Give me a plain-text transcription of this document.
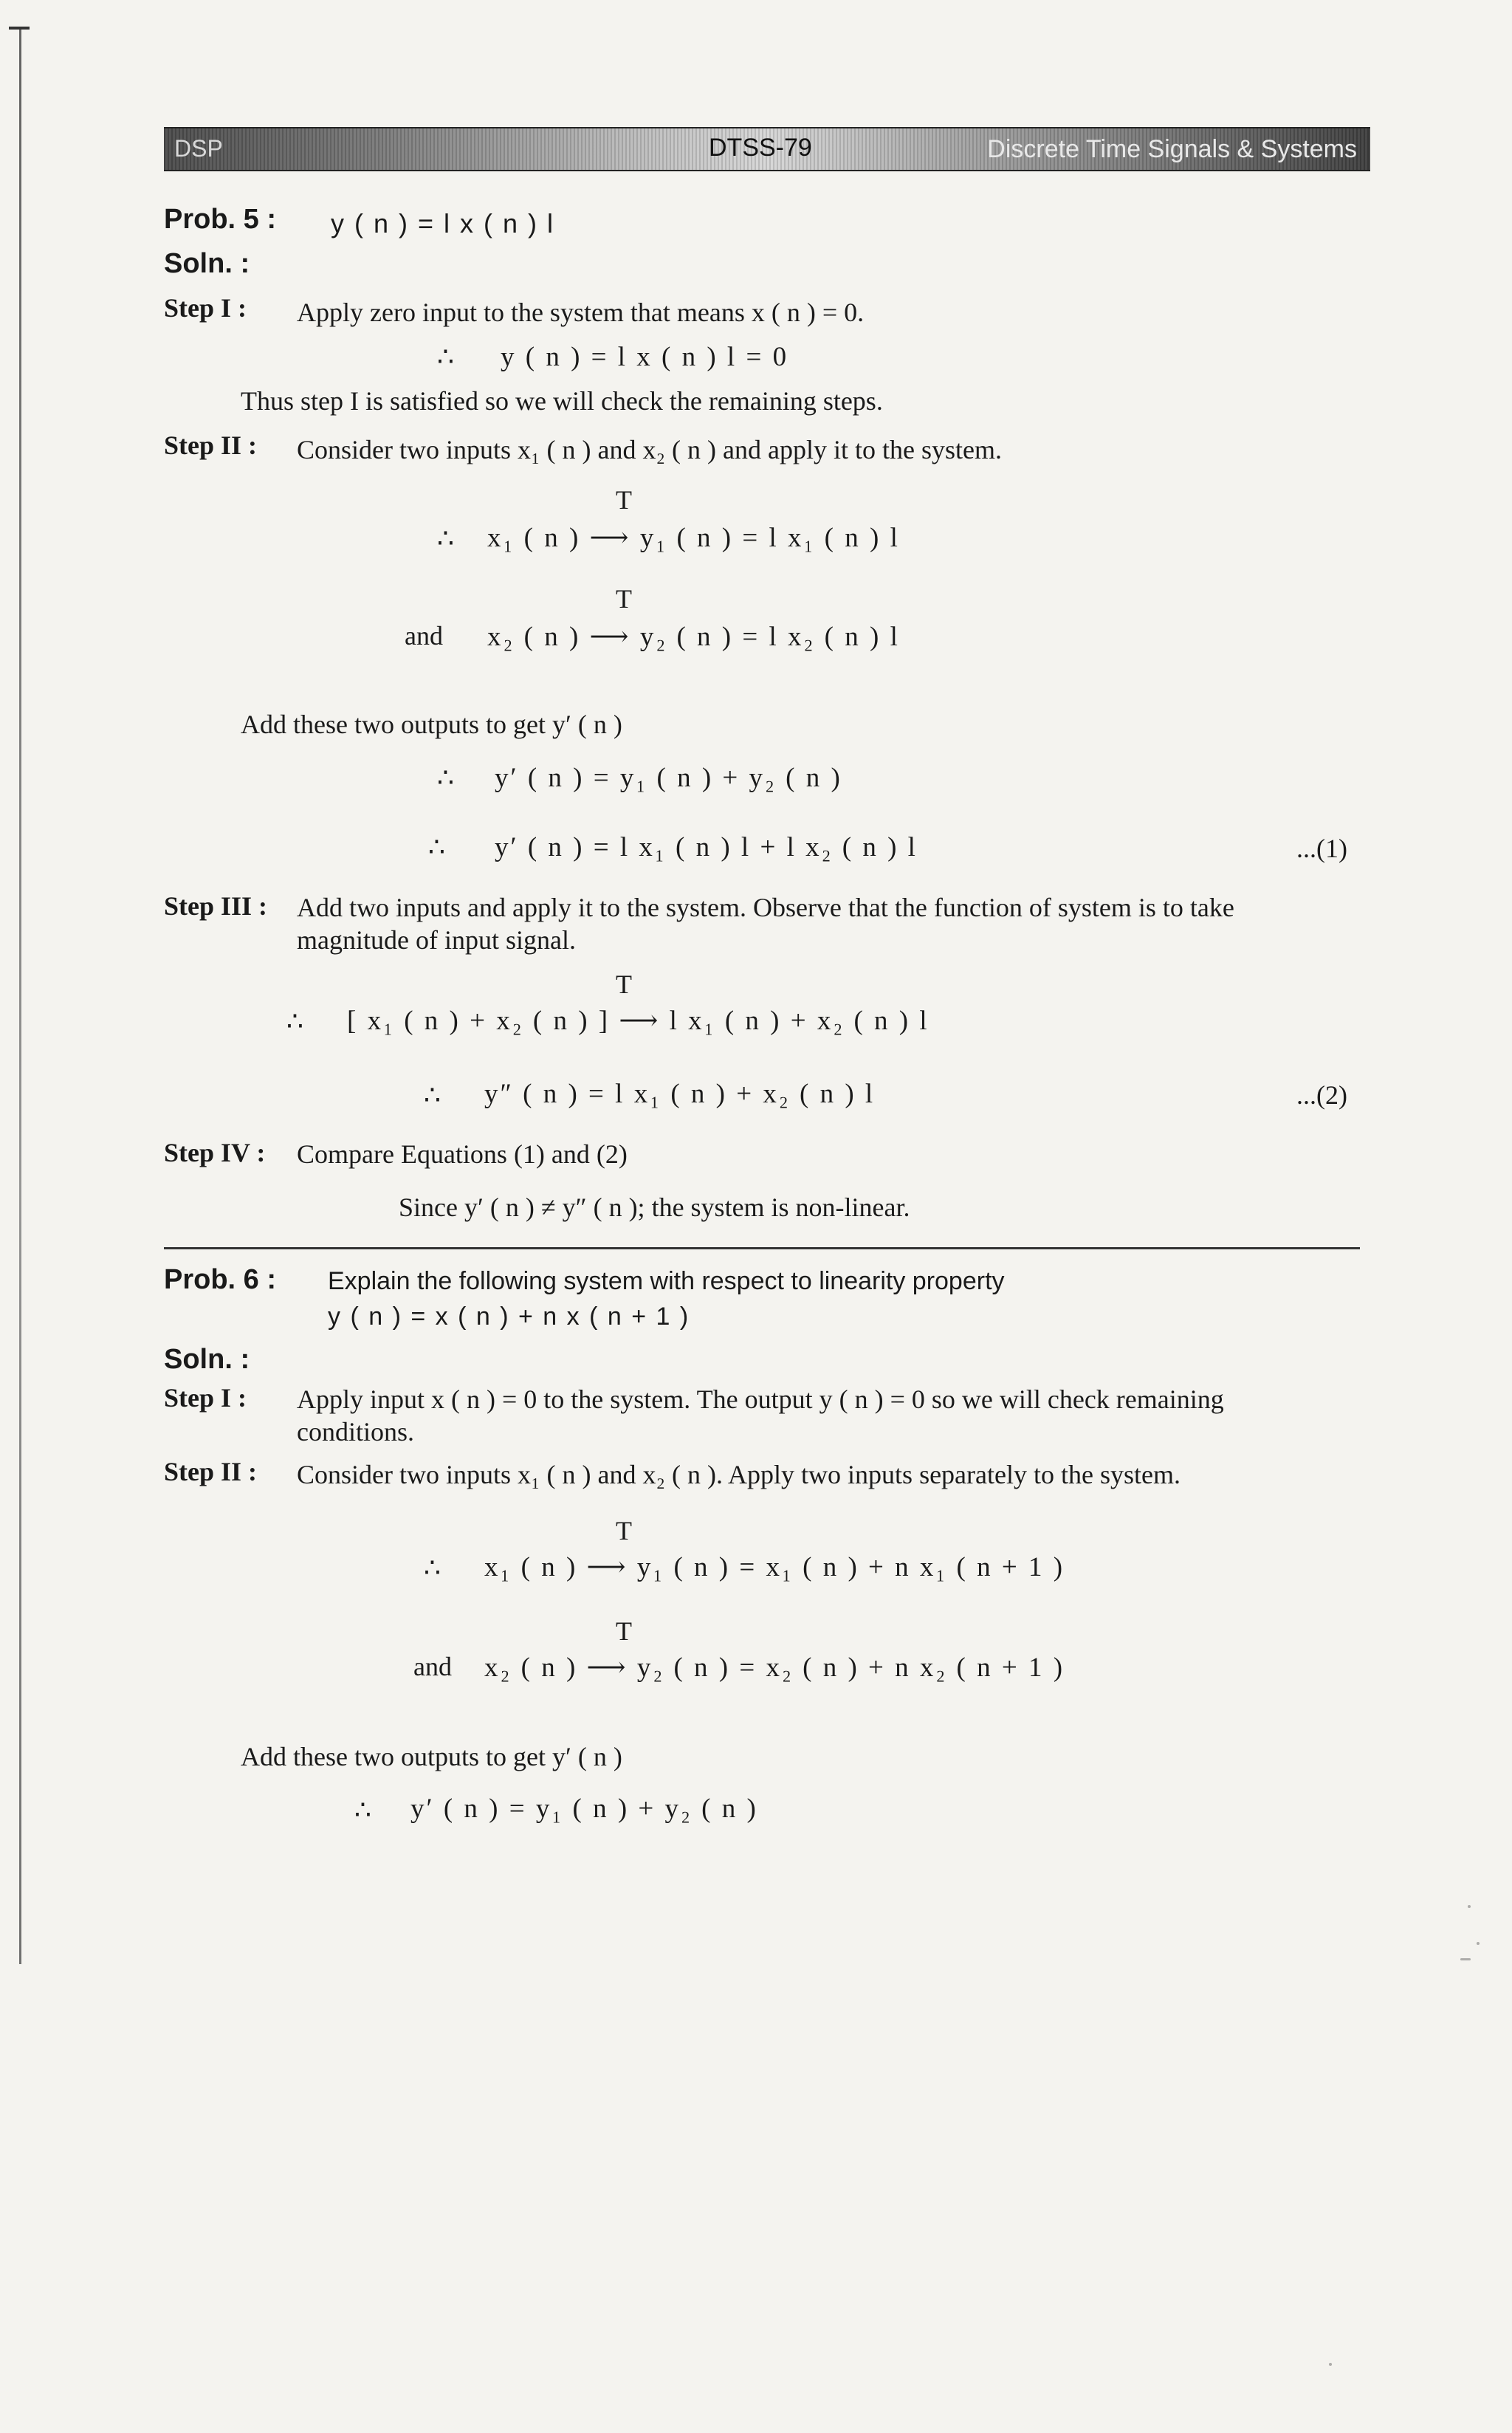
DSP	DTSS-79	Discrete Time Signals & Systems
Prob. 5 : y ( n ) = l x ( n ) l
Soln. :
Step I : Apply zero input to the system that means x ( n ) = 0.
∴ y ( n ) = l x ( n ) l = 0
Thus step I is satisfied so we will check the remaining steps.
Step II : Consider two inputs x₁ ( n ) and x₂ ( n ) and apply it to the system.
T
∴ x₁ ( n ) ⟶ y₁ ( n ) = l x₁ ( n ) l
T
and x₂ ( n ) ⟶ y₂ ( n ) = l x₂ ( n ) l
Add these two outputs to get y′ ( n )
∴ y′ ( n ) = y₁ ( n ) + y₂ ( n )
∴ y′ ( n ) = l x₁ ( n ) l + l x₂ ( n ) l	...(1)
Step III : Add two inputs and apply it to the system. Observe that the function of system is to take
magnitude of input signal.
T
∴ [ x₁ ( n ) + x₂ ( n ) ] ⟶ l x₁ ( n ) + x₂ ( n ) l
∴ y″ ( n ) = l x₁ ( n ) + x₂ ( n ) l	...(2)
Step IV : Compare Equations (1) and (2)
Since y′ ( n ) ≠ y″ ( n ); the system is non-linear.
Prob. 6 : Explain the following system with respect to linearity property
y ( n ) = x ( n ) + n x ( n + 1 )
Soln. :
Step I : Apply input x ( n ) = 0 to the system. The output y ( n ) = 0 so we will check remaining
conditions.
Step II : Consider two inputs x₁ ( n ) and x₂ ( n ). Apply two inputs separately to the system.
T
∴ x₁ ( n ) ⟶ y₁ ( n ) = x₁ ( n ) + n x₁ ( n + 1 )
T
and x₂ ( n ) ⟶ y₂ ( n ) = x₂ ( n ) + n x₂ ( n + 1 )
Add these two outputs to get y′ ( n )
∴ y′ ( n ) = y₁ ( n ) + y₂ ( n )
